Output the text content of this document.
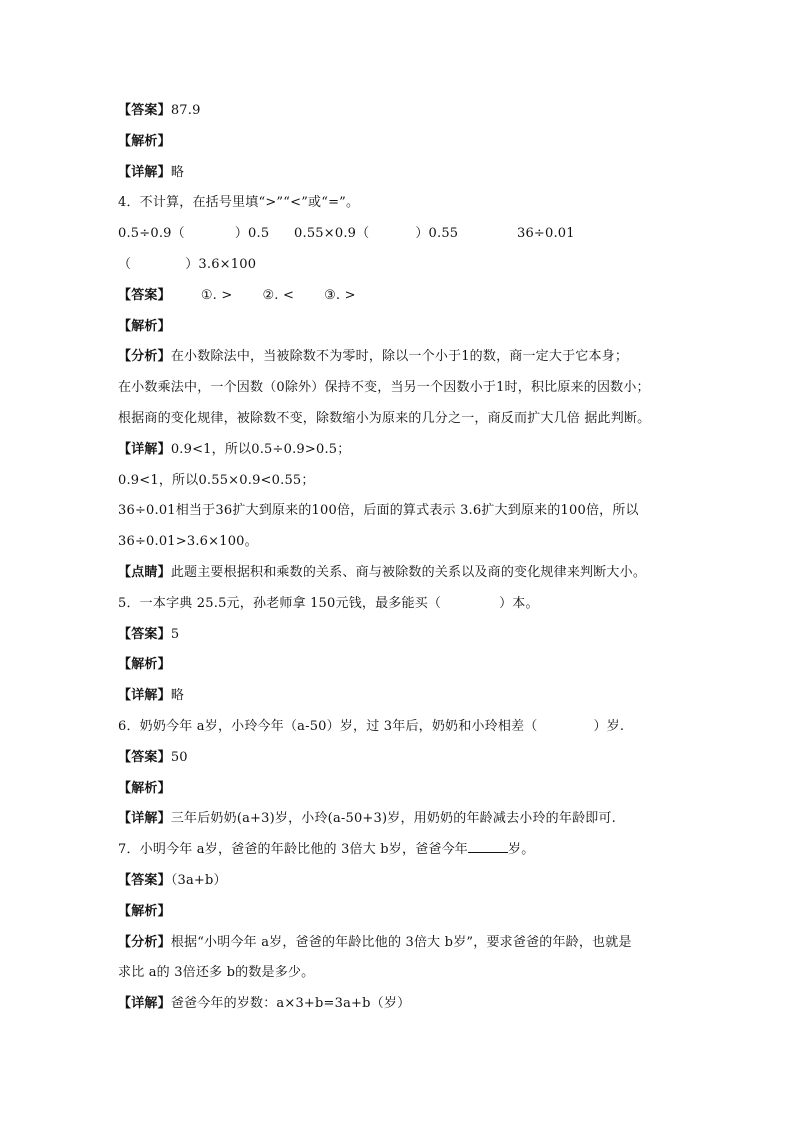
【答案】87.9
【解析】
【详解】略
4．不计算，在括号里填“>”“<”或“=”。
0.5÷0.9（	）0.5 0.55×0.9（	）0.55	36÷0.01
（	）3.6×100
【答案】 ①. > ②. < ③. >
【解析】
【分析】在小数除法中，当被除数不为零时，除以一个小于1的数，商一定大于它本身；
在小数乘法中，一个因数（0除外）保持不变，当另一个因数小于1时，积比原来的因数小；
根据商的变化规律，被除数不变，除数缩小为原来的几分之一，商反而扩大几倍 据此判断。
【详解】0.9<1，所以0.5÷0.9>0.5；
0.9<1，所以0.55×0.9<0.55；
36÷0.01相当于36扩大到原来的100倍，后面的算式表示 3.6扩大到原来的100倍，所以
36÷0.01>3.6×100。
【点睛】此题主要根据积和乘数的关系、商与被除数的关系以及商的变化规律来判断大小。
5．一本字典 25.5元，孙老师拿 150元钱，最多能买（	）本。
【答案】5
【解析】
【详解】略
6．奶奶今年 a岁，小玲今年（a-50）岁，过 3年后，奶奶和小玲相差（	）岁.
【答案】50
【解析】
【详解】三年后奶奶(a+3)岁，小玲(a-50+3)岁，用奶奶的年龄减去小玲的年龄即可.
7．小明今年 a岁，爸爸的年龄比他的 3倍大 b岁，爸爸今年	岁。
【答案】（3a+b）
【解析】
【分析】根据“小明今年 a岁，爸爸的年龄比他的 3倍大 b岁”，要求爸爸的年龄，也就是
求比 a的 3倍还多 b的数是多少。
【详解】爸爸今年的岁数：a×3+b=3a+b（岁）
